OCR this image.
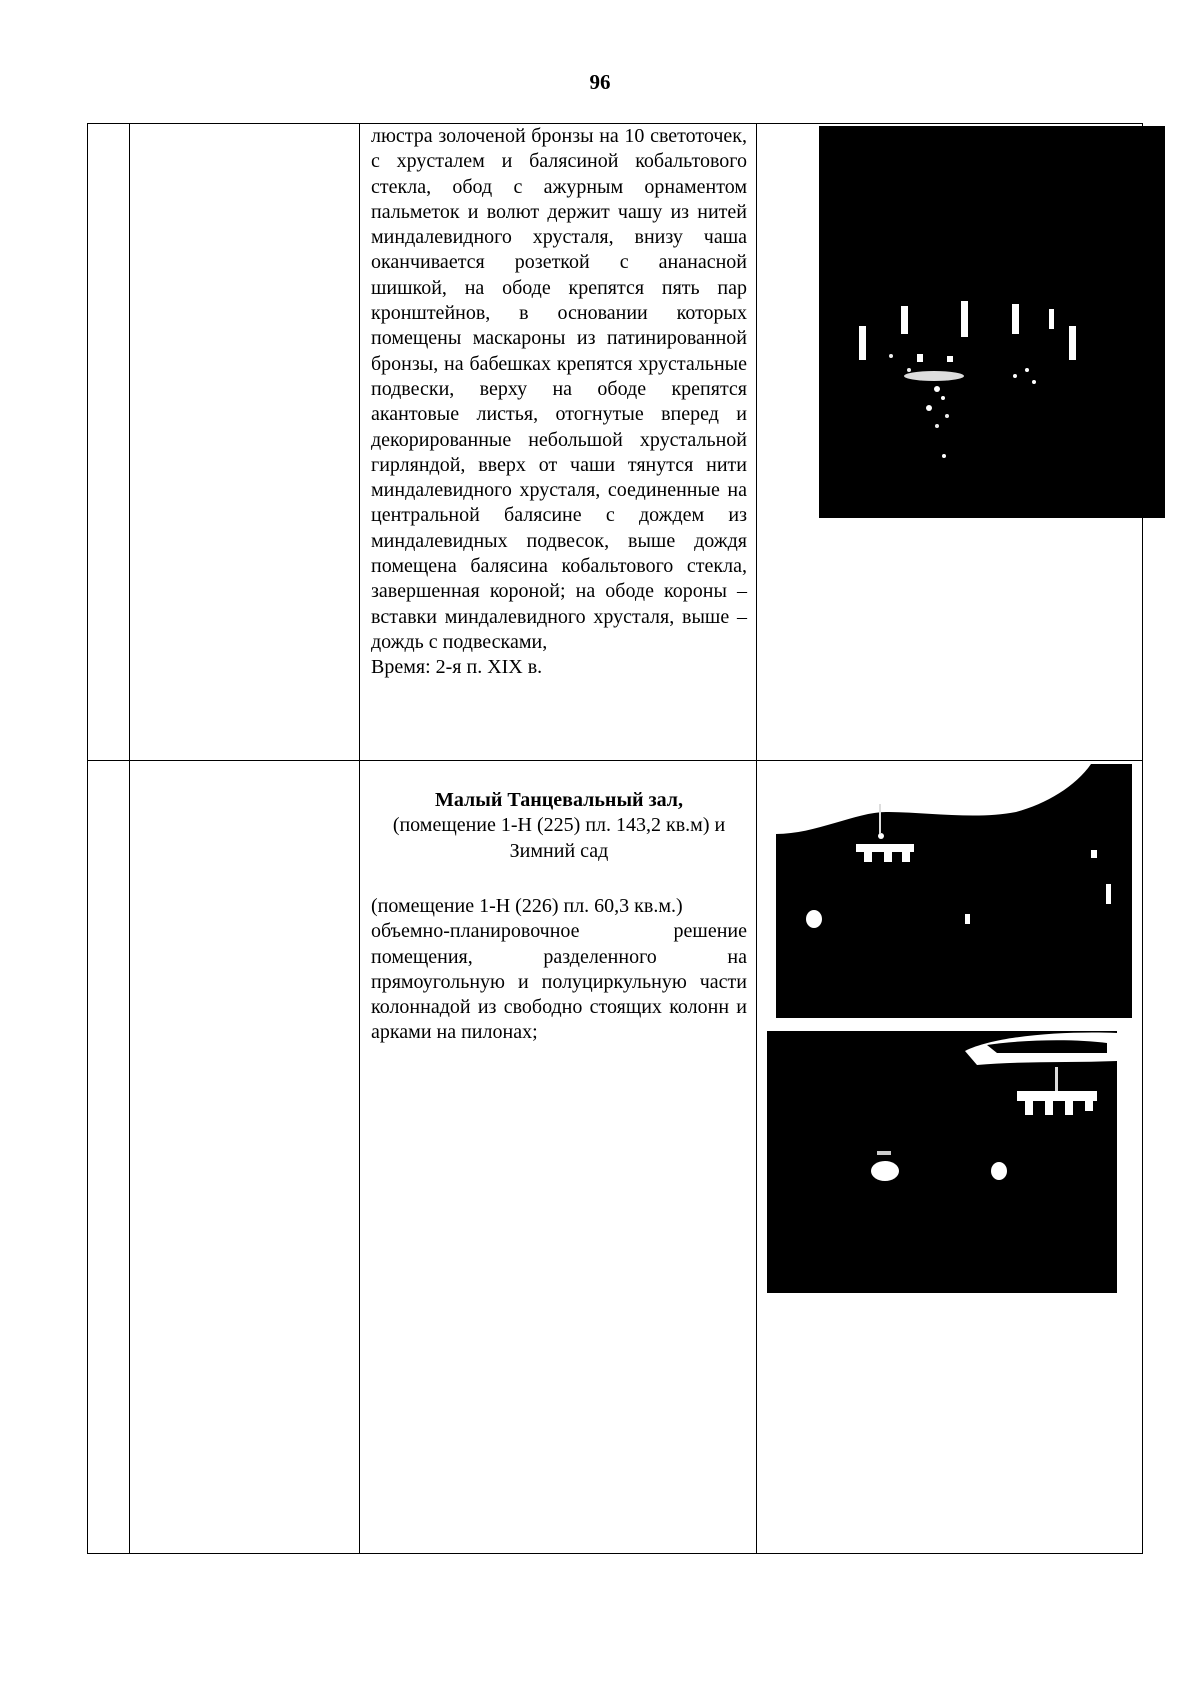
96
люстра золоченой бронзы на 10 светоточек, с хрусталем и балясиной кобальтового стекла, обод с ажурным орнаментом пальметок и волют держит чашу из нитей миндалевидного хрусталя, внизу чаша оканчивается розеткой с ананасной шишкой, на ободе крепятся пять пар кронштейнов, в основании которых помещены маскароны из патинированной бронзы, на бабешках крепятся хрустальные подвески, верху на ободе крепятся акантовые листья, отогнутые вперед и декорированные небольшой хрустальной гирляндой, вверх от чаши тянутся нити миндалевидного хрусталя, соединенные на центральной балясине с дождем из миндалевидных подвесок, выше дождя помещена балясина кобальтового стекла, завершенная короной; на ободе короны – вставки миндалевидного хрусталя, выше – дождь с подвесками,
Время: 2-я п. XIX в.
Малый Танцевальный зал,
(помещение 1-Н (225) пл. 143,2 кв.м) и
Зимний сад
(помещение 1-Н (226) пл. 60,3 кв.м.)
объемно-планировочное решение помещения, разделенного на прямоугольную и полуциркульную части колоннадой из свободно стоящих колонн и арками на пилонах;
